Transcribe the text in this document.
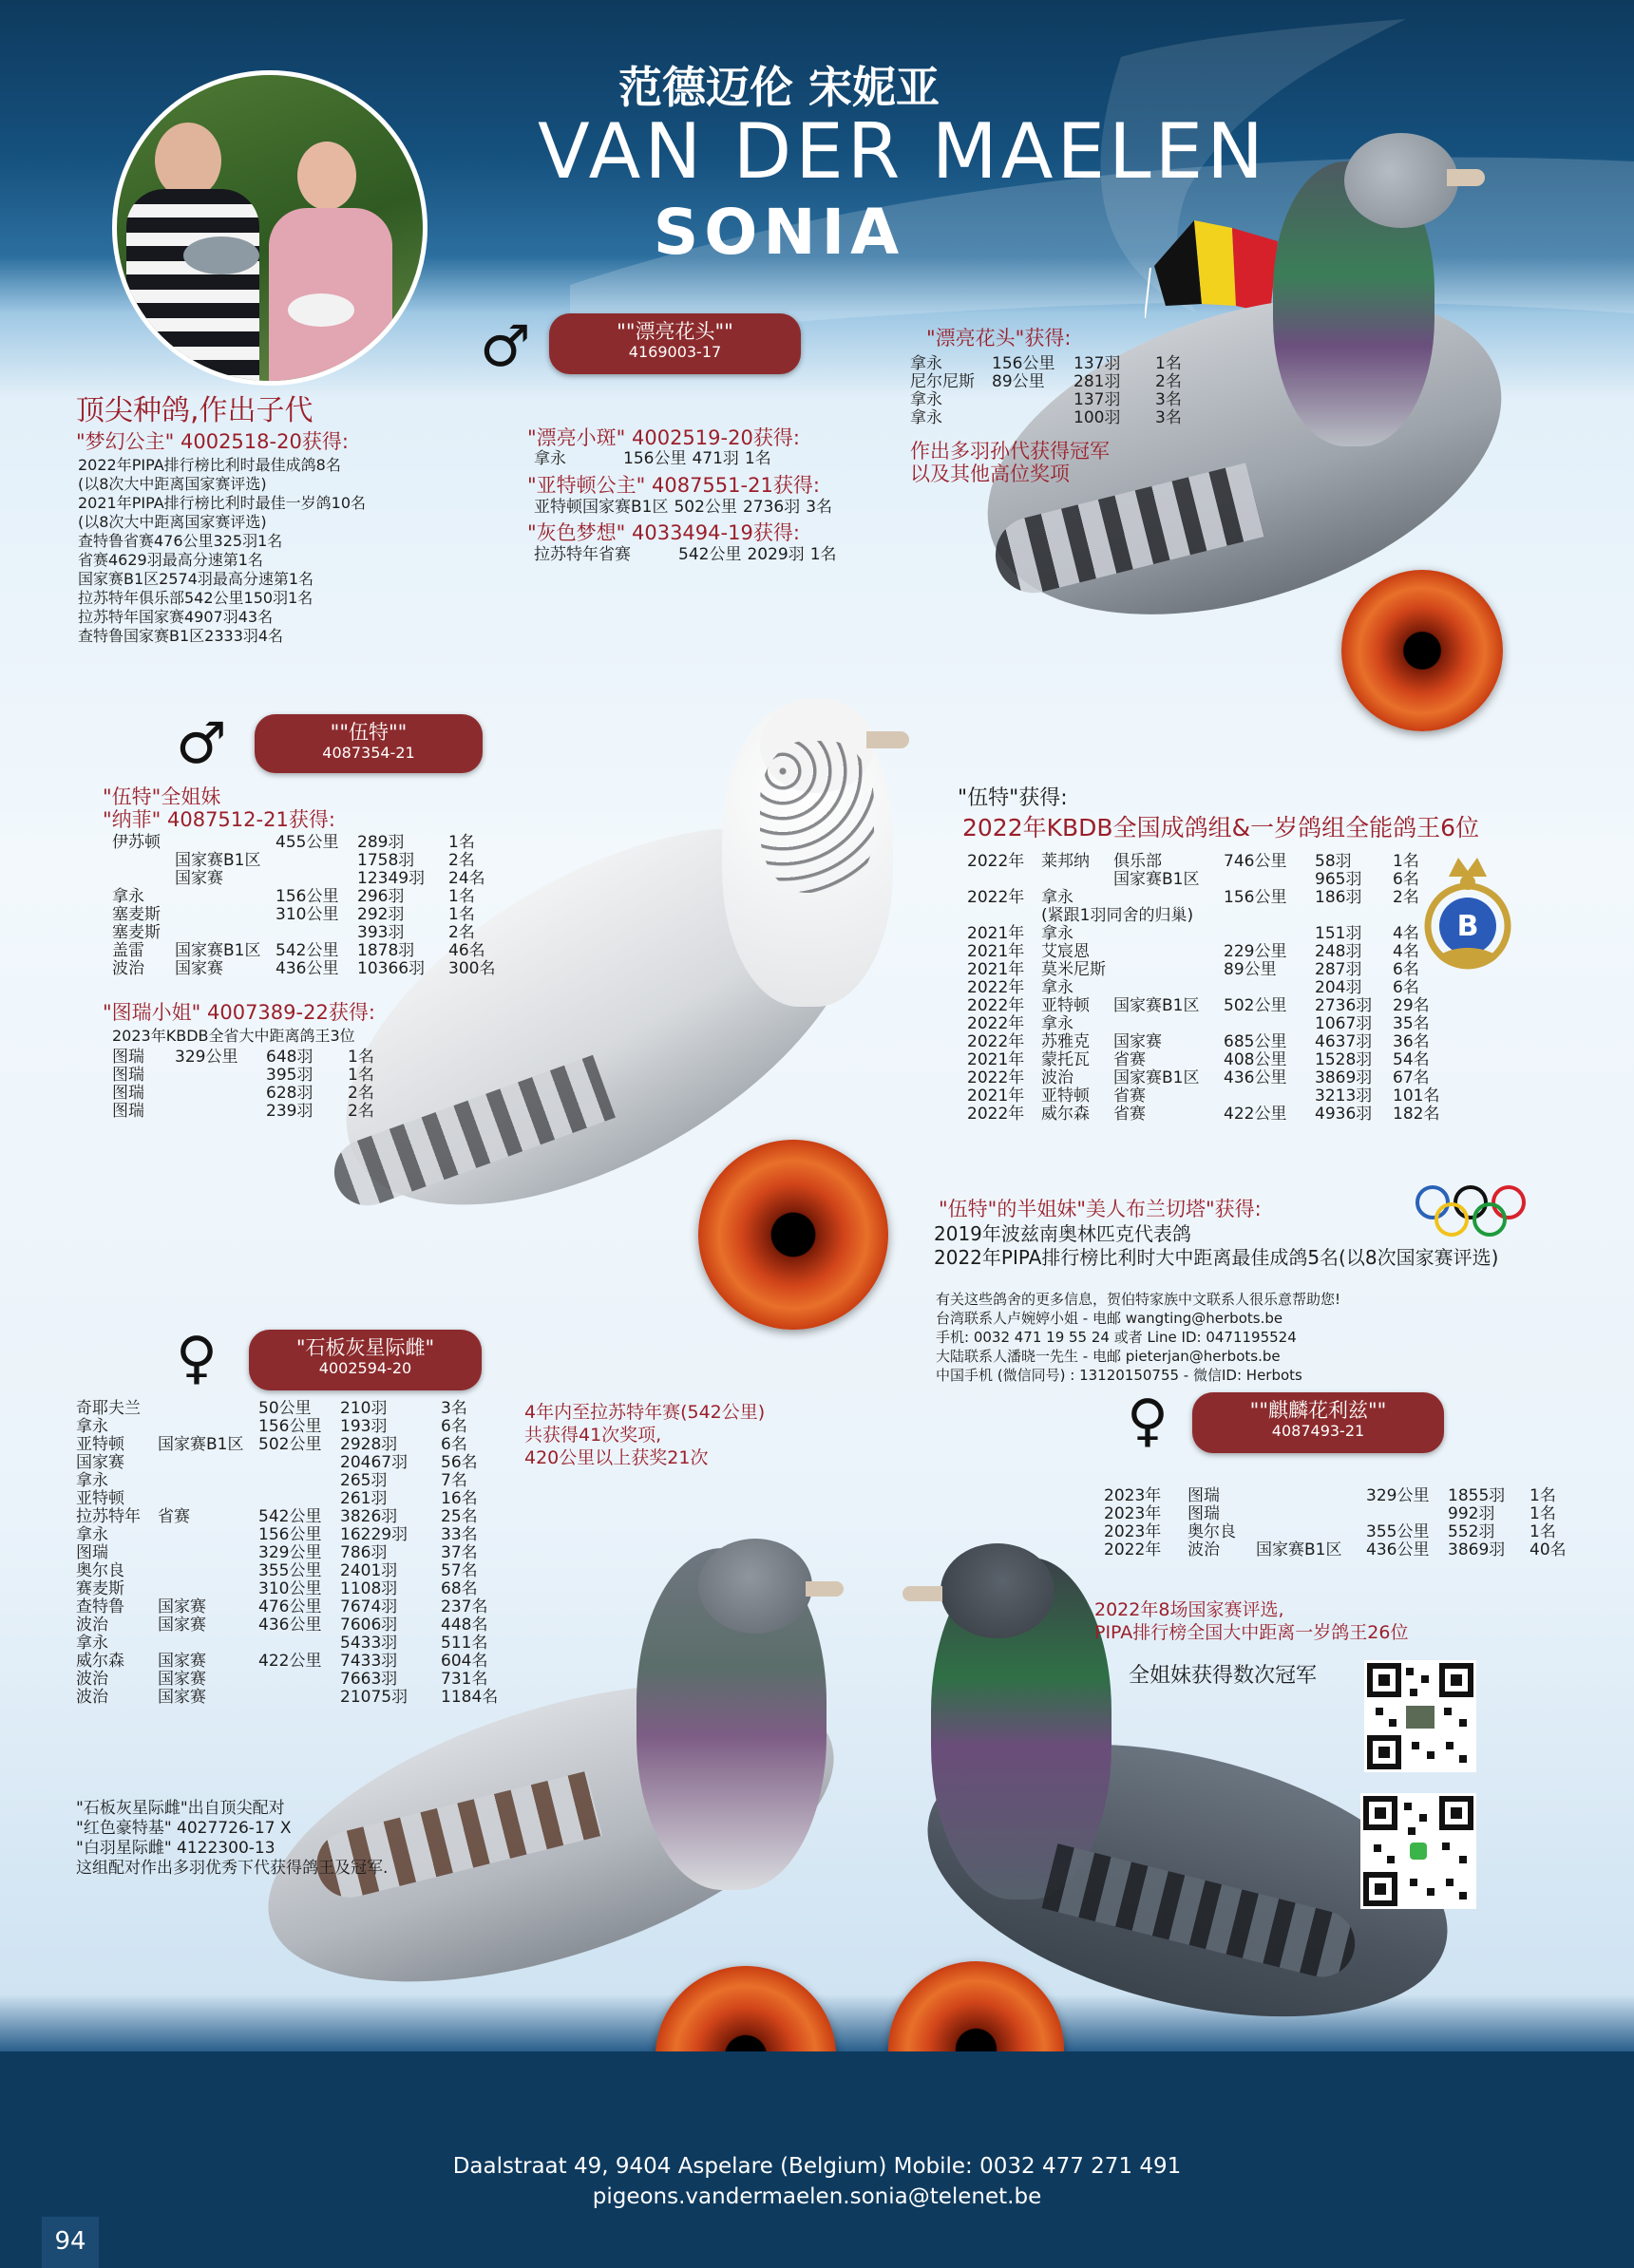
范德迈伦 宋妮亚
VAN DER MAELEN
SONIA
顶尖种鸽,作出子代
"梦幻公主" 4002518-20获得:
2022年PIPA排行榜比利时最佳成鸽8名
(以8次大中距离国家赛评选)
2021年PIPA排行榜比利时最佳一岁鸽10名
(以8次大中距离国家赛评选)
查特鲁省赛476公里325羽1名
省赛4629羽最高分速第1名
国家赛B1区2574羽最高分速第1名
拉苏特年俱乐部542公里150羽1名
拉苏特年国家赛4907羽43名
查特鲁国家赛B1区2333羽4名
♂	""漂亮花头""
4169003-17
"漂亮小斑" 4002519-20获得:
拿永	156公里	471羽	1名
"亚特顿公主" 4087551-21获得:
亚特顿国家赛B1区	502公里	2736羽	3名
"灰色梦想" 4033494-19获得:
拉苏特年省赛	542公里	2029羽	1名
"漂亮花头"获得:
拿永	156公里	137羽	1名
尼尔尼斯	89公里	281羽	2名
拿永		137羽	3名
拿永		100羽	3名
作出多羽孙代获得冠军
以及其他高位奖项
♂	""伍特""
4087354-21
"伍特"全姐妹
"纳菲" 4087512-21获得:
伊苏顿		455公里	289羽	1名
	国家赛B1区		1758羽	2名
	国家赛		12349羽	24名
拿永		156公里	296羽	1名
塞麦斯		310公里	292羽	1名
塞麦斯			393羽	2名
盖雷	国家赛B1区	542公里	1878羽	46名
波治	国家赛	436公里	10366羽	300名
"图瑞小姐" 4007389-22获得:
2023年KBDB全省大中距离鸽王3位
图瑞	329公里	648羽	1名
图瑞		395羽	1名
图瑞		628羽	2名
图瑞		239羽	2名
"伍特"获得:
2022年KBDB全国成鸽组&一岁鸽组全能鸽王6位
2022年	莱邦纳	俱乐部	746公里	58羽	1名
		国家赛B1区		965羽	6名
2022年	拿永		156公里	186羽	2名
	(紧跟1羽同舍的归巢)				
2021年	拿永			151羽	4名
2021年	艾宸恩		229公里	248羽	4名
2021年	莫米尼斯		89公里	287羽	6名
2022年	拿永			204羽	6名
2022年	亚特顿	国家赛B1区	502公里	2736羽	29名
2022年	拿永			1067羽	35名
2022年	苏雅克	国家赛	685公里	4637羽	36名
2021年	蒙托瓦	省赛	408公里	1528羽	54名
2022年	波治	国家赛B1区	436公里	3869羽	67名
2021年	亚特顿	省赛		3213羽	101名
2022年	威尔森	省赛	422公里	4936羽	182名
B
"伍特"的半姐妹"美人布兰切塔"获得:
2019年波兹南奥林匹克代表鸽
2022年PIPA排行榜比利时大中距离最佳成鸽5名(以8次国家赛评选)
有关这些鸽舍的更多信息，贺伯特家族中文联系人很乐意帮助您!
台湾联系人卢婉婷小姐 - 电邮 wangting@herbots.be
手机: 0032 471 19 55 24 或者 Line ID: 0471195524
大陆联系人潘晓一先生 - 电邮 pieterjan@herbots.be
中国手机 (微信同号) : 13120150755 - 微信ID: Herbots
♀	"石板灰星际雌"
4002594-20
奇耶夫兰		50公里	210羽	3名
拿永		156公里	193羽	6名
亚特顿	国家赛B1区	502公里	2928羽	6名
国家赛			20467羽	56名
拿永			265羽	7名
亚特顿			261羽	16名
拉苏特年	省赛	542公里	3826羽	25名
拿永		156公里	16229羽	33名
图瑞		329公里	786羽	37名
奥尔良		355公里	2401羽	57名
赛麦斯		310公里	1108羽	68名
查特鲁	国家赛	476公里	7674羽	237名
波治	国家赛	436公里	7606羽	448名
拿永			5433羽	511名
威尔森	国家赛	422公里	7433羽	604名
波治	国家赛		7663羽	731名
波治	国家赛		21075羽	1184名
4年内至拉苏特年赛(542公里)
共获得41次奖项,
420公里以上获奖21次
"石板灰星际雌"出自顶尖配对
"红色豪特基" 4027726-17 X
"白羽星际雌" 4122300-13
这组配对作出多羽优秀下代获得鸽王及冠军.
♀	""麒麟花利兹""
4087493-21
2023年	图瑞		329公里	1855羽	1名
2023年	图瑞			992羽	1名
2023年	奥尔良		355公里	552羽	1名
2022年	波治	国家赛B1区	436公里	3869羽	40名
2022年8场国家赛评选,
PIPA排行榜全国大中距离一岁鸽王26位
全姐妹获得数次冠军
Daalstraat 49, 9404 Aspelare (Belgium) Mobile: 0032 477 271 491
pigeons.vandermaelen.sonia@telenet.be
94
